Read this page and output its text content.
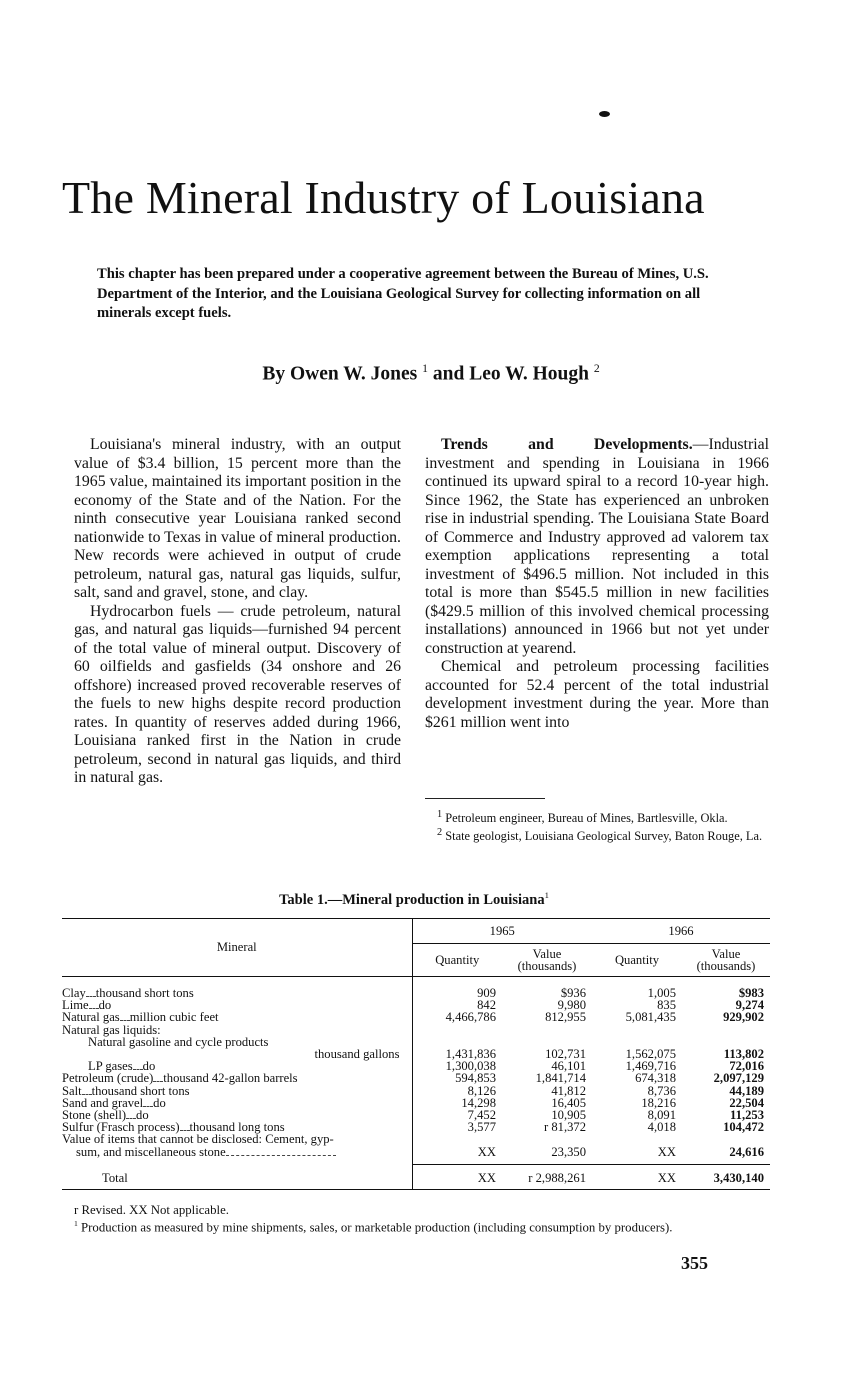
The Mineral Industry of Louisiana

This chapter has been prepared under a cooperative agreement between the Bureau of Mines, U.S. Department of the Interior, and the Louisiana Geological Survey for collecting information on all minerals except fuels.

By Owen W. Jones $^1$ and Leo W. Hough $^2$

Louisiana's mineral industry, with an output value of $3.4 billion, 15 percent more than the 1965 value, maintained its important position in the economy of the State and of the Nation. For the ninth consecutive year Louisiana ranked second nationwide to Texas in value of mineral production. New records were achieved in output of crude petroleum, natural gas, natural gas liquids, sulfur, salt, sand and gravel, stone, and clay.

Hydrocarbon fuels — crude petroleum, natural gas, and natural gas liquids—furnished 94 percent of the total value of mineral output. Discovery of 60 oilfields and gasfields (34 onshore and 26 offshore) increased proved recoverable reserves of the fuels to new highs despite record production rates. In quantity of reserves added during 1966, Louisiana ranked first in the Nation in crude petroleum, second in natural gas liquids, and third in natural gas.

Trends and Developments.—Industrial investment and spending in Louisiana in 1966 continued its upward spiral to a record 10-year high. Since 1962, the State has experienced an unbroken rise in industrial spending. The Louisiana State Board of Commerce and Industry approved ad valorem tax exemption applications representing a total investment of $496.5 million. Not included in this total is more than $545.5 million in new facilities ($429.5 million of this involved chemical processing installations) announced in 1966 but not yet under construction at yearend.

Chemical and petroleum processing facilities accounted for 52.4 percent of the total industrial development investment during the year. More than $261 million went into

$^1$ Petroleum engineer, Bureau of Mines, Bartlesville, Okla.

$^2$ State geologist, Louisiana Geological Survey, Baton Rouge, La.

Table 1.—Mineral production in Louisiana$^1$

Mineral	1965		1966	
	Quantity	Value (thousands)	Quantity	Value (thousands)
Clay thousand short tons	909	$936	1,005	$983
Lime do	842	9,980	835	9,274
Natural gas million cubic feet	4,466,786	812,955	5,081,435	929,902
Natural gas liquids:				
Natural gasoline and cycle products				
thousand gallons	1,431,836	102,731	1,562,075	113,802
LP gases do	1,300,038	46,101	1,469,716	72,016
Petroleum (crude) thousand 42-gallon barrels	594,853	1,841,714	674,318	2,097,129
Salt thousand short tons	8,126	41,812	8,736	44,189
Sand and gravel do	14,298	16,405	18,216	22,504
Stone (shell) do	7,452	10,905	8,091	11,253
Sulfur (Frasch process) thousand long tons	3,577	r 81,372	4,018	104,472
Value of items that cannot be disclosed: Cement, gyp-				
sum, and miscellaneous stone	XX	23,350	XX	24,616

Total	XX	r 2,988,261	XX	3,430,140

r Revised. XX Not applicable.

$^1$ Production as measured by mine shipments, sales, or marketable production (including consumption by producers).

355
